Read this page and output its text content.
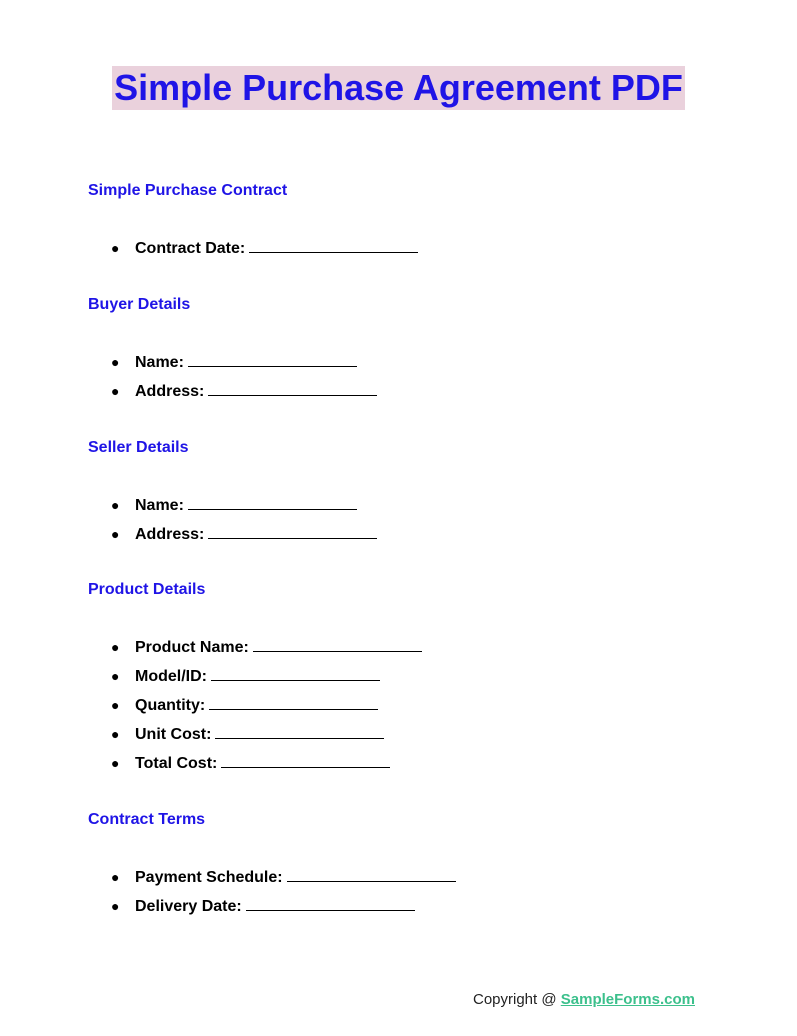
Simple Purchase Agreement PDF
Simple Purchase Contract
● Contract Date:
Buyer Details
● Name:
● Address:
Seller Details
● Name:
● Address:
Product Details
● Product Name:
● Model/ID:
● Quantity:
● Unit Cost:
● Total Cost:
Contract Terms
● Payment Schedule:
● Delivery Date:
Copyright @ SampleForms.com
